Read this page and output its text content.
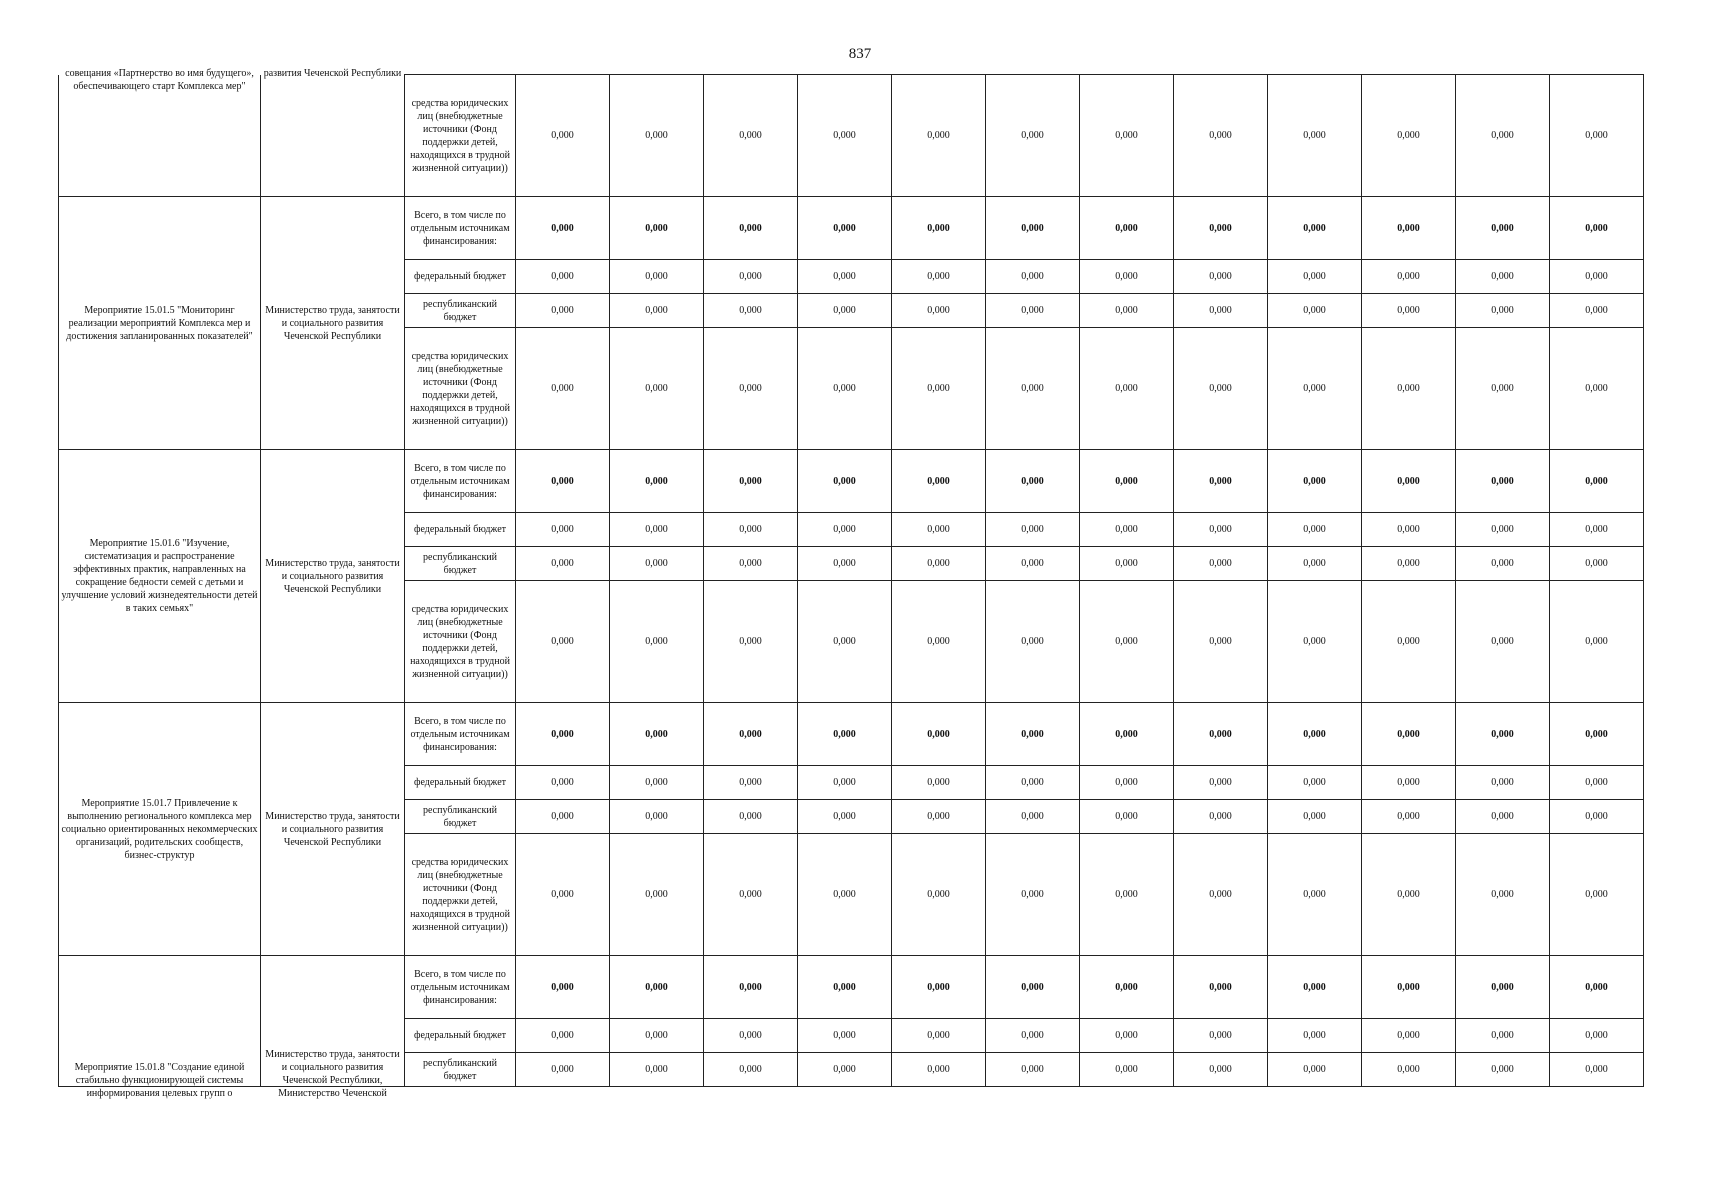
837
совещания «Партнерство во имя будущего», обеспечивающего старт Комплекса мер"	развития Чеченской Республики	средства юридических лиц (внебюджетные источники (Фонд поддержки детей, находящихся в трудной жизненной ситуации))	0,000	0,000	0,000	0,000	0,000	0,000	0,000	0,000	0,000	0,000	0,000	0,000

Мероприятие 15.01.5 "Мониторинг реализации мероприятий Комплекса мер и достижения запланированных показателей"	Министерство труда, занятости и социального развития Чеченской Республики	Всего, в том числе по отдельным источникам финансирования:	0,000	0,000	0,000	0,000	0,000	0,000	0,000	0,000	0,000	0,000	0,000	0,000
		федеральный бюджет	0,000	0,000	0,000	0,000	0,000	0,000	0,000	0,000	0,000	0,000	0,000	0,000
		республиканский бюджет	0,000	0,000	0,000	0,000	0,000	0,000	0,000	0,000	0,000	0,000	0,000	0,000
		средства юридических лиц (внебюджетные источники (Фонд поддержки детей, находящихся в трудной жизненной ситуации))	0,000	0,000	0,000	0,000	0,000	0,000	0,000	0,000	0,000	0,000	0,000	0,000

Мероприятие 15.01.6 "Изучение, систематизация и распространение эффективных практик, направленных на сокращение бедности семей с детьми и улучшение условий жизнедеятельности детей в таких семьях"	Министерство труда, занятости и социального развития Чеченской Республики	Всего, в том числе по отдельным источникам финансирования:	0,000	0,000	0,000	0,000	0,000	0,000	0,000	0,000	0,000	0,000	0,000	0,000
		федеральный бюджет	0,000	0,000	0,000	0,000	0,000	0,000	0,000	0,000	0,000	0,000	0,000	0,000
		республиканский бюджет	0,000	0,000	0,000	0,000	0,000	0,000	0,000	0,000	0,000	0,000	0,000	0,000
		средства юридических лиц (внебюджетные источники (Фонд поддержки детей, находящихся в трудной жизненной ситуации))	0,000	0,000	0,000	0,000	0,000	0,000	0,000	0,000	0,000	0,000	0,000	0,000

Мероприятие 15.01.7 Привлечение к выполнению регионального комплекса мер социально ориентированных некоммерческих организаций, родительских сообществ, бизнес-структур	Министерство труда, занятости и социального развития Чеченской Республики	Всего, в том числе по отдельным источникам финансирования:	0,000	0,000	0,000	0,000	0,000	0,000	0,000	0,000	0,000	0,000	0,000	0,000
		федеральный бюджет	0,000	0,000	0,000	0,000	0,000	0,000	0,000	0,000	0,000	0,000	0,000	0,000
		республиканский бюджет	0,000	0,000	0,000	0,000	0,000	0,000	0,000	0,000	0,000	0,000	0,000	0,000
		средства юридических лиц (внебюджетные источники (Фонд поддержки детей, находящихся в трудной жизненной ситуации))	0,000	0,000	0,000	0,000	0,000	0,000	0,000	0,000	0,000	0,000	0,000	0,000

Мероприятие 15.01.8 "Создание единой стабильно функционирующей системы информирования целевых групп о	Министерство труда, занятости и социального развития Чеченской Республики, Министерство Чеченской	Всего, в том числе по отдельным источникам финансирования:	0,000	0,000	0,000	0,000	0,000	0,000	0,000	0,000	0,000	0,000	0,000	0,000
		федеральный бюджет	0,000	0,000	0,000	0,000	0,000	0,000	0,000	0,000	0,000	0,000	0,000	0,000
		республиканский бюджет	0,000	0,000	0,000	0,000	0,000	0,000	0,000	0,000	0,000	0,000	0,000	0,000
